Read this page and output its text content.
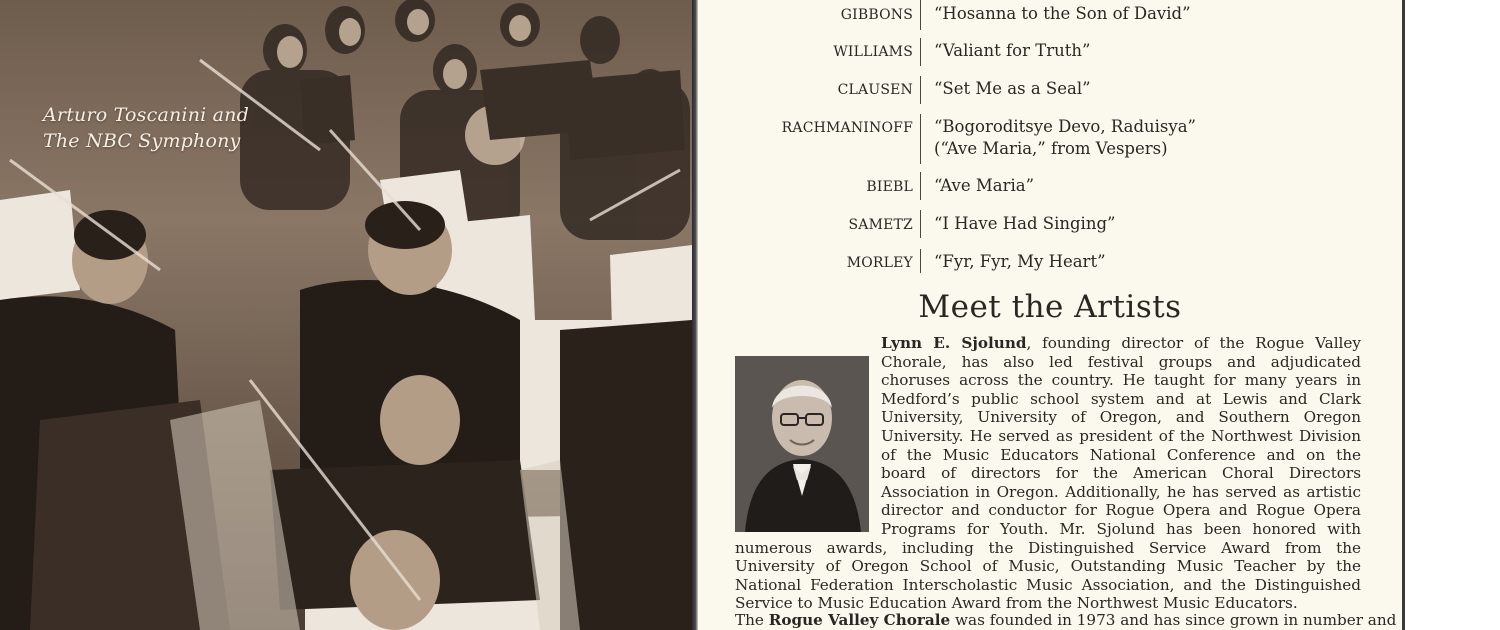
Arturo Toscanini and
The NBC Symphony
GIBBONS “Hosanna to the Son of David”
WILLIAMS “Valiant for Truth”
CLAUSEN “Set Me as a Seal”
RACHMANINOFF “Bogoroditsye Devo, Raduisya”
(“Ave Maria,” from Vespers)
BIEBL “Ave Maria”
SAMETZ “I Have Had Singing”
MORLEY “Fyr, Fyr, My Heart”
Meet the Artists
Lynn E. Sjolund, founding director of the Rogue Valley Chorale, has also led festival groups and adjudicated choruses across the country. He taught for many years in Medford’s public school system and at Lewis and Clark University, University of Oregon, and Southern Oregon University. He served as president of the Northwest Division of the Music Educators National Conference and on the board of directors for the American Choral Directors Association in Oregon. Additionally, he has served as artistic director and conductor for Rogue Opera and Rogue Opera Programs for Youth. Mr. Sjolund has been honored with numerous awards, including the Distinguished Service Award from the University of Oregon School of Music, Outstanding Music Teacher by the National Federation Interscholastic Music Association, and the Distinguished Service to Music Education Award from the Northwest Music Educators.
The Rogue Valley Chorale was founded in 1973 and has since grown in number and
